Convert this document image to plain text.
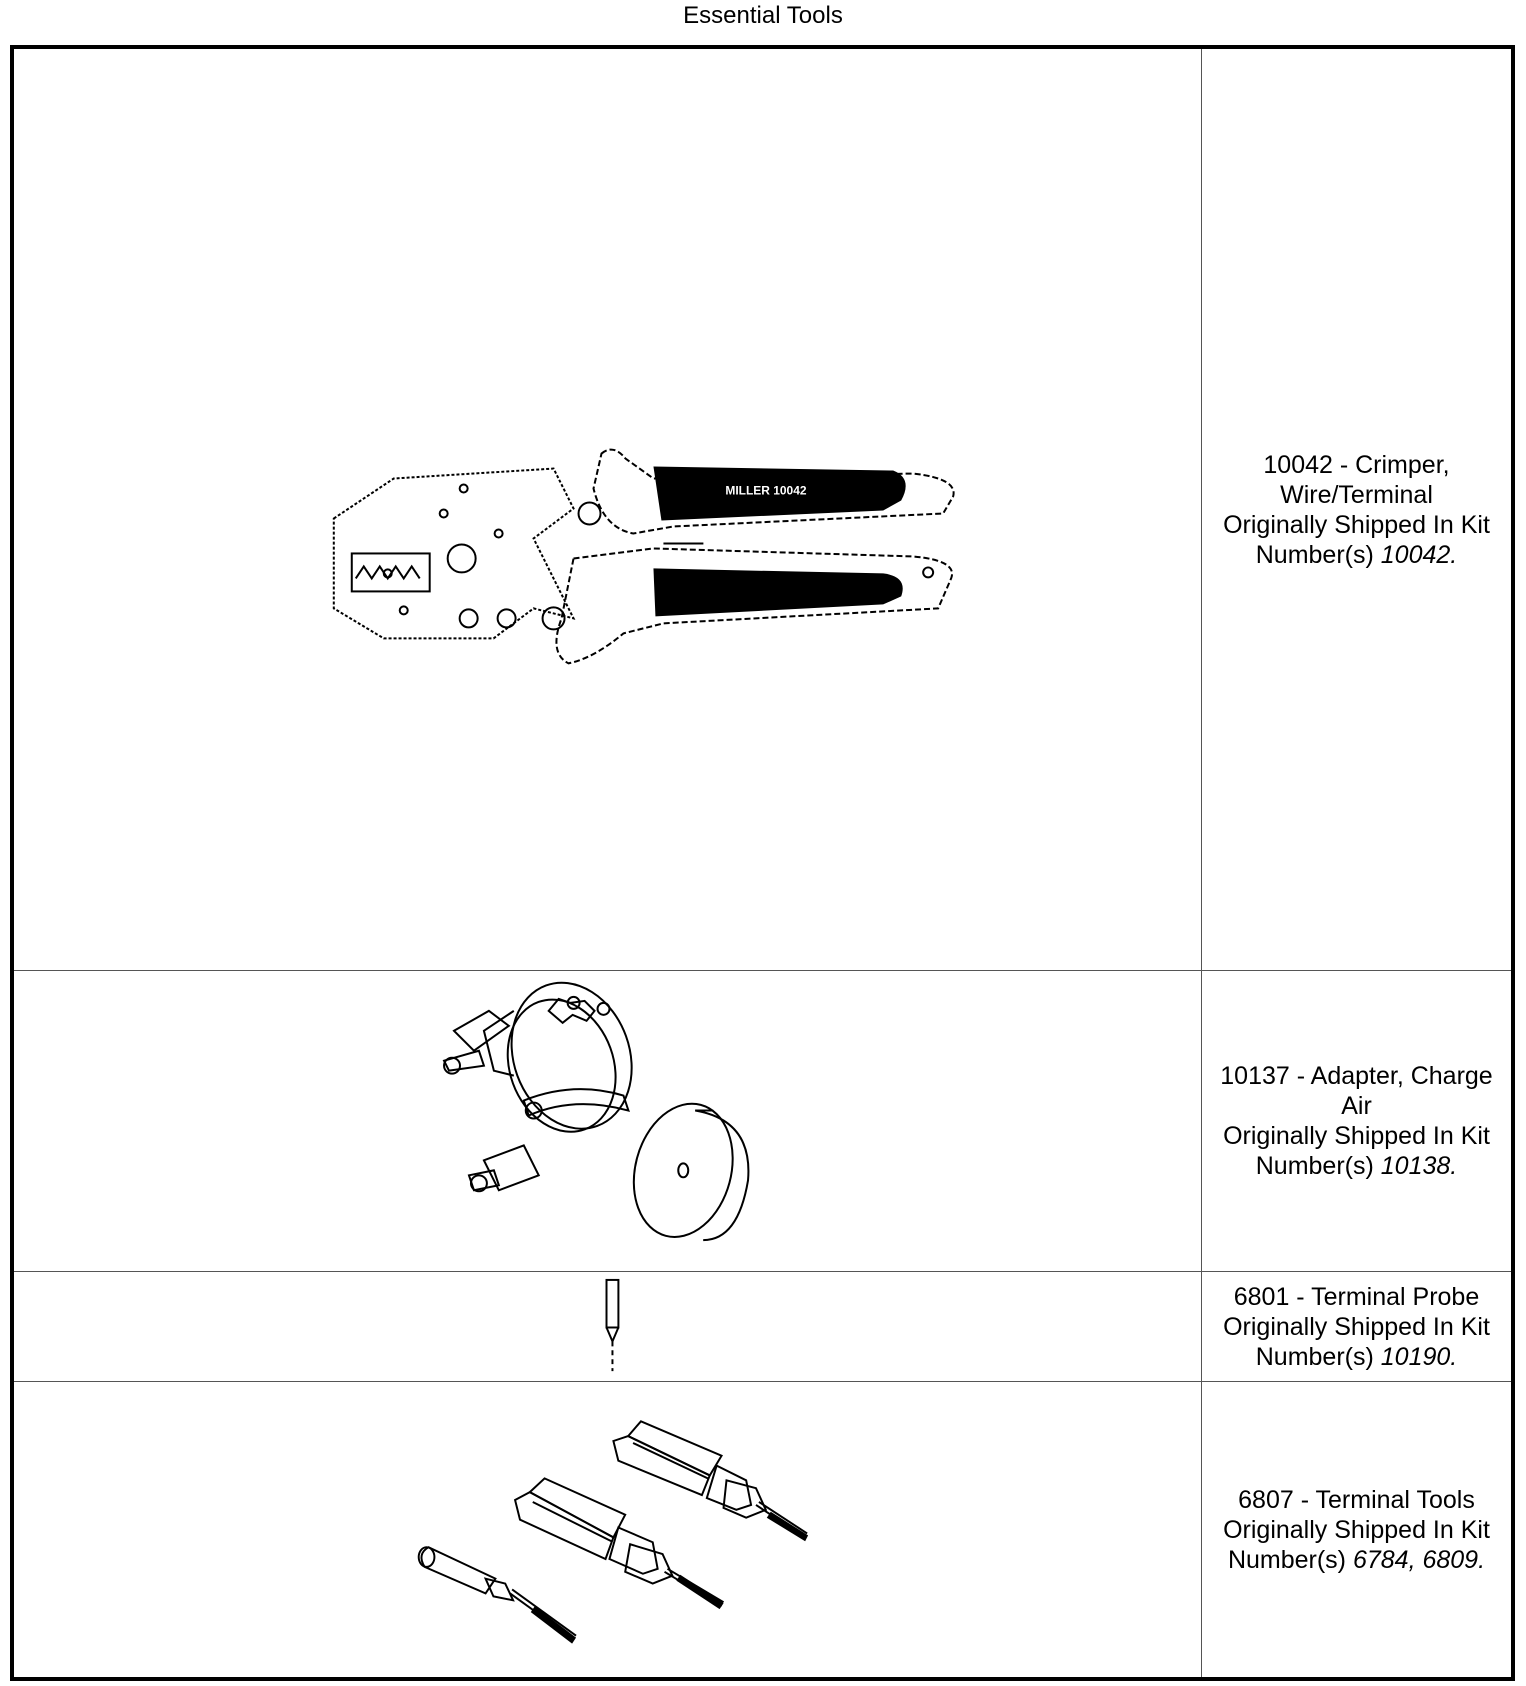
Essential Tools
MILLER 10042
10042 - Crimper, Wire/Terminal
Originally Shipped In Kit
Number(s) 10042.
10137 - Adapter, Charge Air
Originally Shipped In Kit
Number(s) 10138.
6801 - Terminal Probe
Originally Shipped In Kit
Number(s) 10190.
6807 - Terminal Tools
Originally Shipped In Kit
Number(s) 6784, 6809.
